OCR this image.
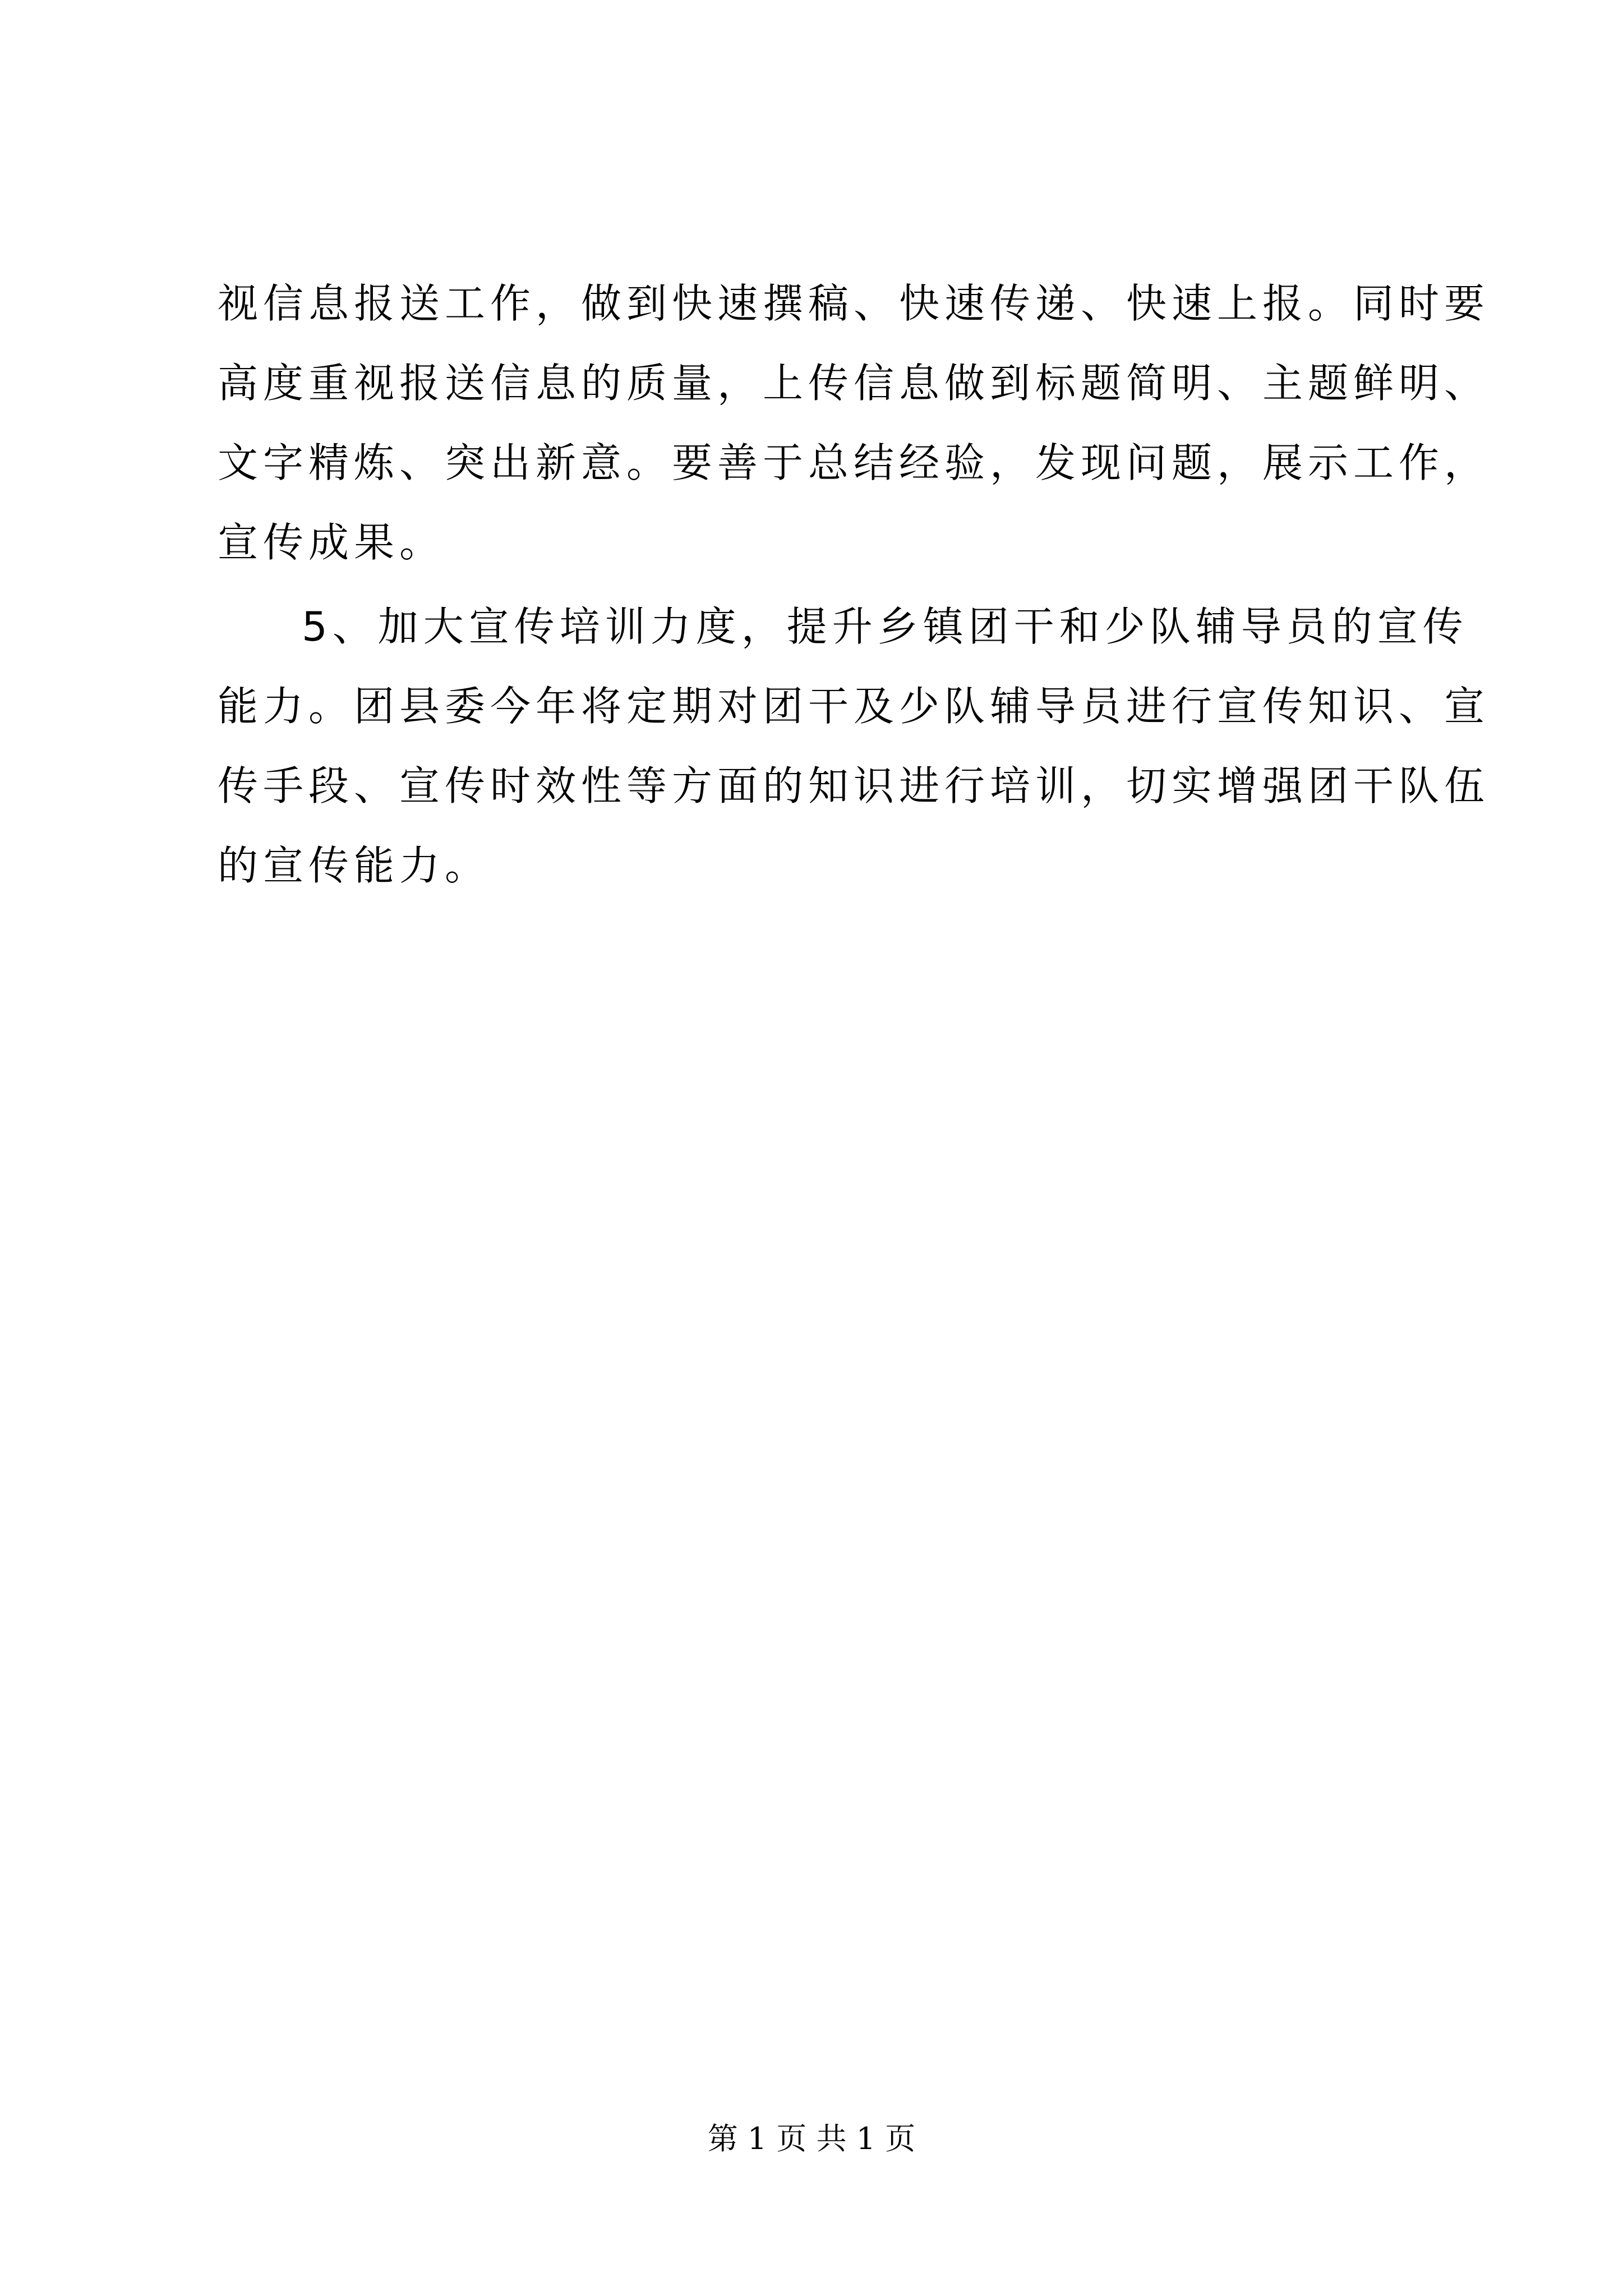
视信息报送工作，做到快速撰稿、快速传递、快速上报。同时要
高度重视报送信息的质量，上传信息做到标题简明、主题鲜明、
文字精炼、突出新意。要善于总结经验，发现问题，展示工作，
宣传成果。
5、加大宣传培训力度，提升乡镇团干和少队辅导员的宣传
能力。团县委今年将定期对团干及少队辅导员进行宣传知识、宣
传手段、宣传时效性等方面的知识进行培训，切实增强团干队伍
的宣传能力。
第 1 页 共 1 页
